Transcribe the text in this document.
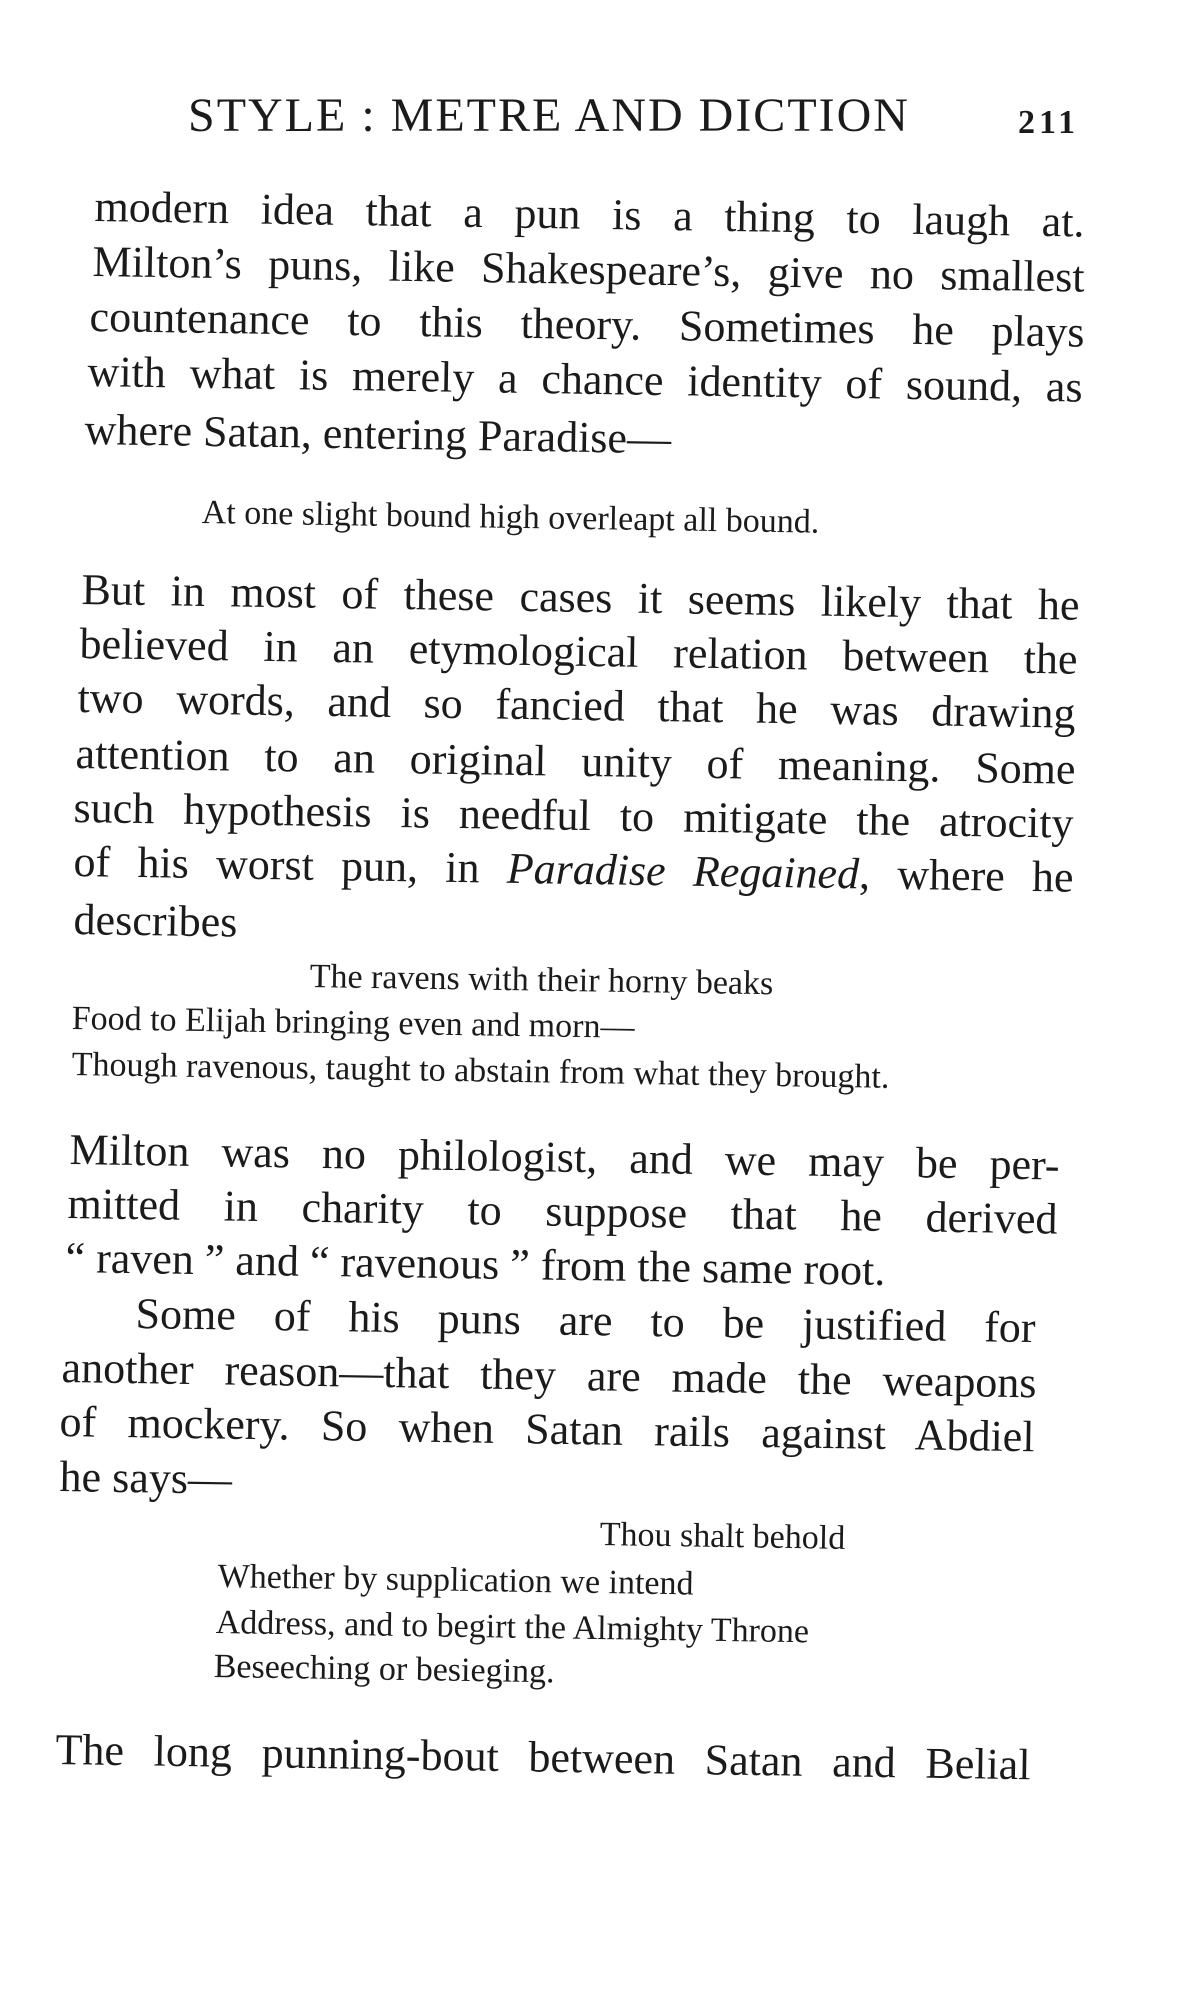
STYLE : METRE AND DICTION	211
modern idea that a pun is a thing to laugh at.
Milton’s puns, like Shakespeare’s, give no smallest
countenance to this theory. Sometimes he plays
with what is merely a chance identity of sound, as
where Satan, entering Paradise—
At one slight bound high overleapt all bound.
But in most of these cases it seems likely that he
believed in an etymological relation between the
two words, and so fancied that he was drawing
attention to an original unity of meaning. Some
such hypothesis is needful to mitigate the atrocity
of his worst pun, in Paradise Regained, where he
describes
The ravens with their horny beaks
Food to Elijah bringing even and morn—
Though ravenous, taught to abstain from what they brought.
Milton was no philologist, and we may be per-
mitted in charity to suppose that he derived
“ raven ” and “ ravenous ” from the same root.
Some of his puns are to be justified for
another reason—that they are made the weapons
of mockery. So when Satan rails against Abdiel
he says—
Thou shalt behold
Whether by supplication we intend
Address, and to begirt the Almighty Throne
Beseeching or besieging.
The long punning-bout between Satan and Belial
